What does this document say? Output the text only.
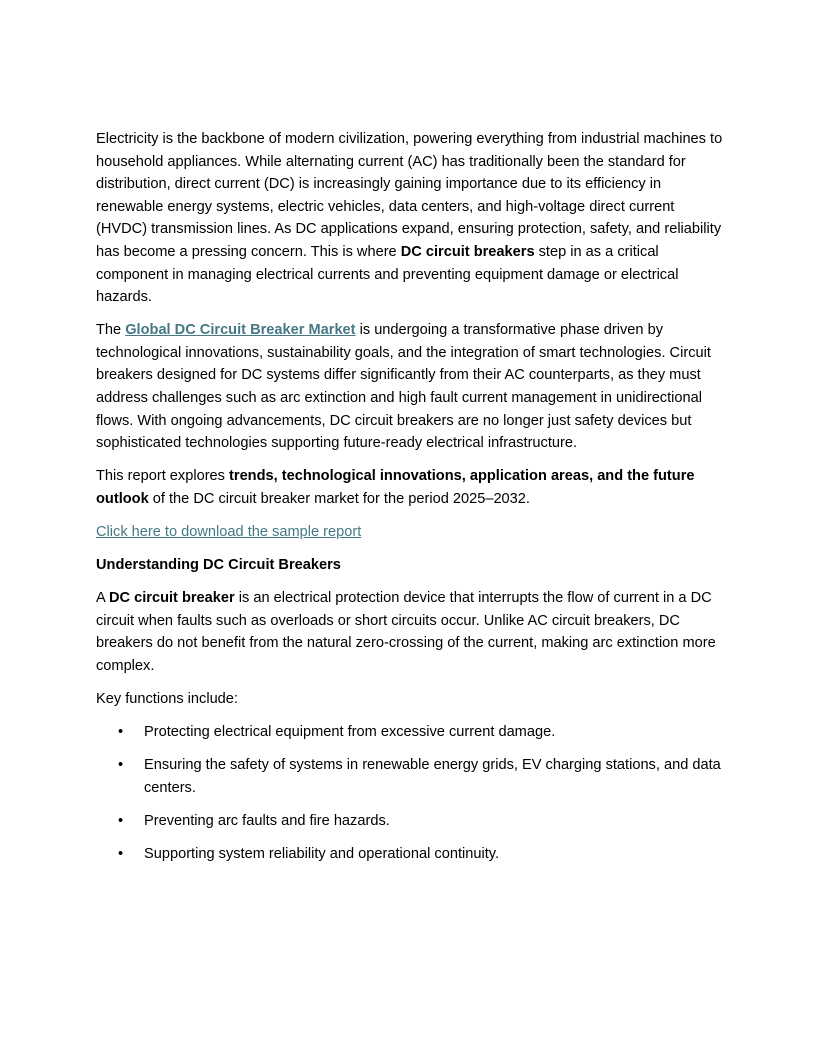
Electricity is the backbone of modern civilization, powering everything from industrial machines to household appliances. While alternating current (AC) has traditionally been the standard for distribution, direct current (DC) is increasingly gaining importance due to its efficiency in renewable energy systems, electric vehicles, data centers, and high-voltage direct current (HVDC) transmission lines. As DC applications expand, ensuring protection, safety, and reliability has become a pressing concern. This is where DC circuit breakers step in as a critical component in managing electrical currents and preventing equipment damage or electrical hazards.

The Global DC Circuit Breaker Market is undergoing a transformative phase driven by technological innovations, sustainability goals, and the integration of smart technologies. Circuit breakers designed for DC systems differ significantly from their AC counterparts, as they must address challenges such as arc extinction and high fault current management in unidirectional flows. With ongoing advancements, DC circuit breakers are no longer just safety devices but sophisticated technologies supporting future-ready electrical infrastructure.

This report explores trends, technological innovations, application areas, and the future outlook of the DC circuit breaker market for the period 2025–2032.

Click here to download the sample report

Understanding DC Circuit Breakers

A DC circuit breaker is an electrical protection device that interrupts the flow of current in a DC circuit when faults such as overloads or short circuits occur. Unlike AC circuit breakers, DC breakers do not benefit from the natural zero-crossing of the current, making arc extinction more complex.

Key functions include:

• Protecting electrical equipment from excessive current damage.
• Ensuring the safety of systems in renewable energy grids, EV charging stations, and data centers.
• Preventing arc faults and fire hazards.
• Supporting system reliability and operational continuity.
